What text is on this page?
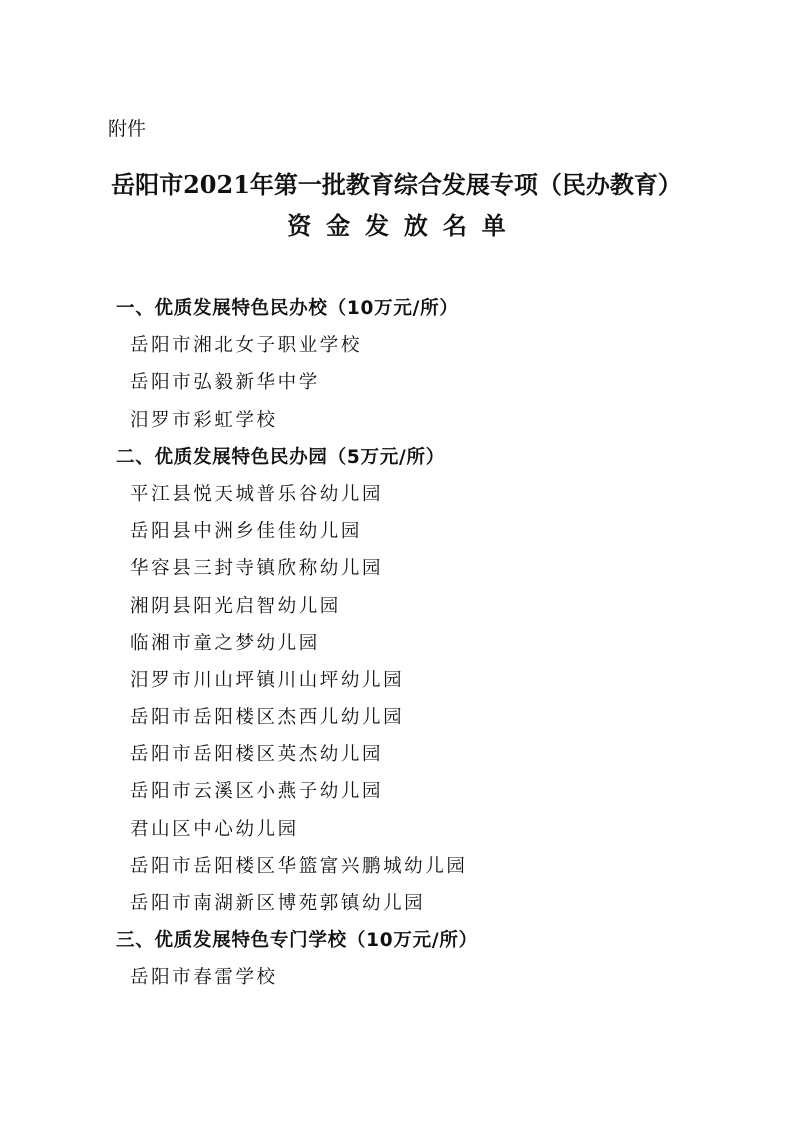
附件
岳阳市2021年第一批教育综合发展专项（民办教育）
资金发放名单
一、优质发展特色民办校（10万元/所）
岳阳市湘北女子职业学校
岳阳市弘毅新华中学
汨罗市彩虹学校
二、优质发展特色民办园（5万元/所）
平江县悦天城普乐谷幼儿园
岳阳县中洲乡佳佳幼儿园
华容县三封寺镇欣称幼儿园
湘阴县阳光启智幼儿园
临湘市童之梦幼儿园
汨罗市川山坪镇川山坪幼儿园
岳阳市岳阳楼区杰西儿幼儿园
岳阳市岳阳楼区英杰幼儿园
岳阳市云溪区小燕子幼儿园
君山区中心幼儿园
岳阳市岳阳楼区华篮富兴鹏城幼儿园
岳阳市南湖新区博苑郭镇幼儿园
三、优质发展特色专门学校（10万元/所）
岳阳市春雷学校
